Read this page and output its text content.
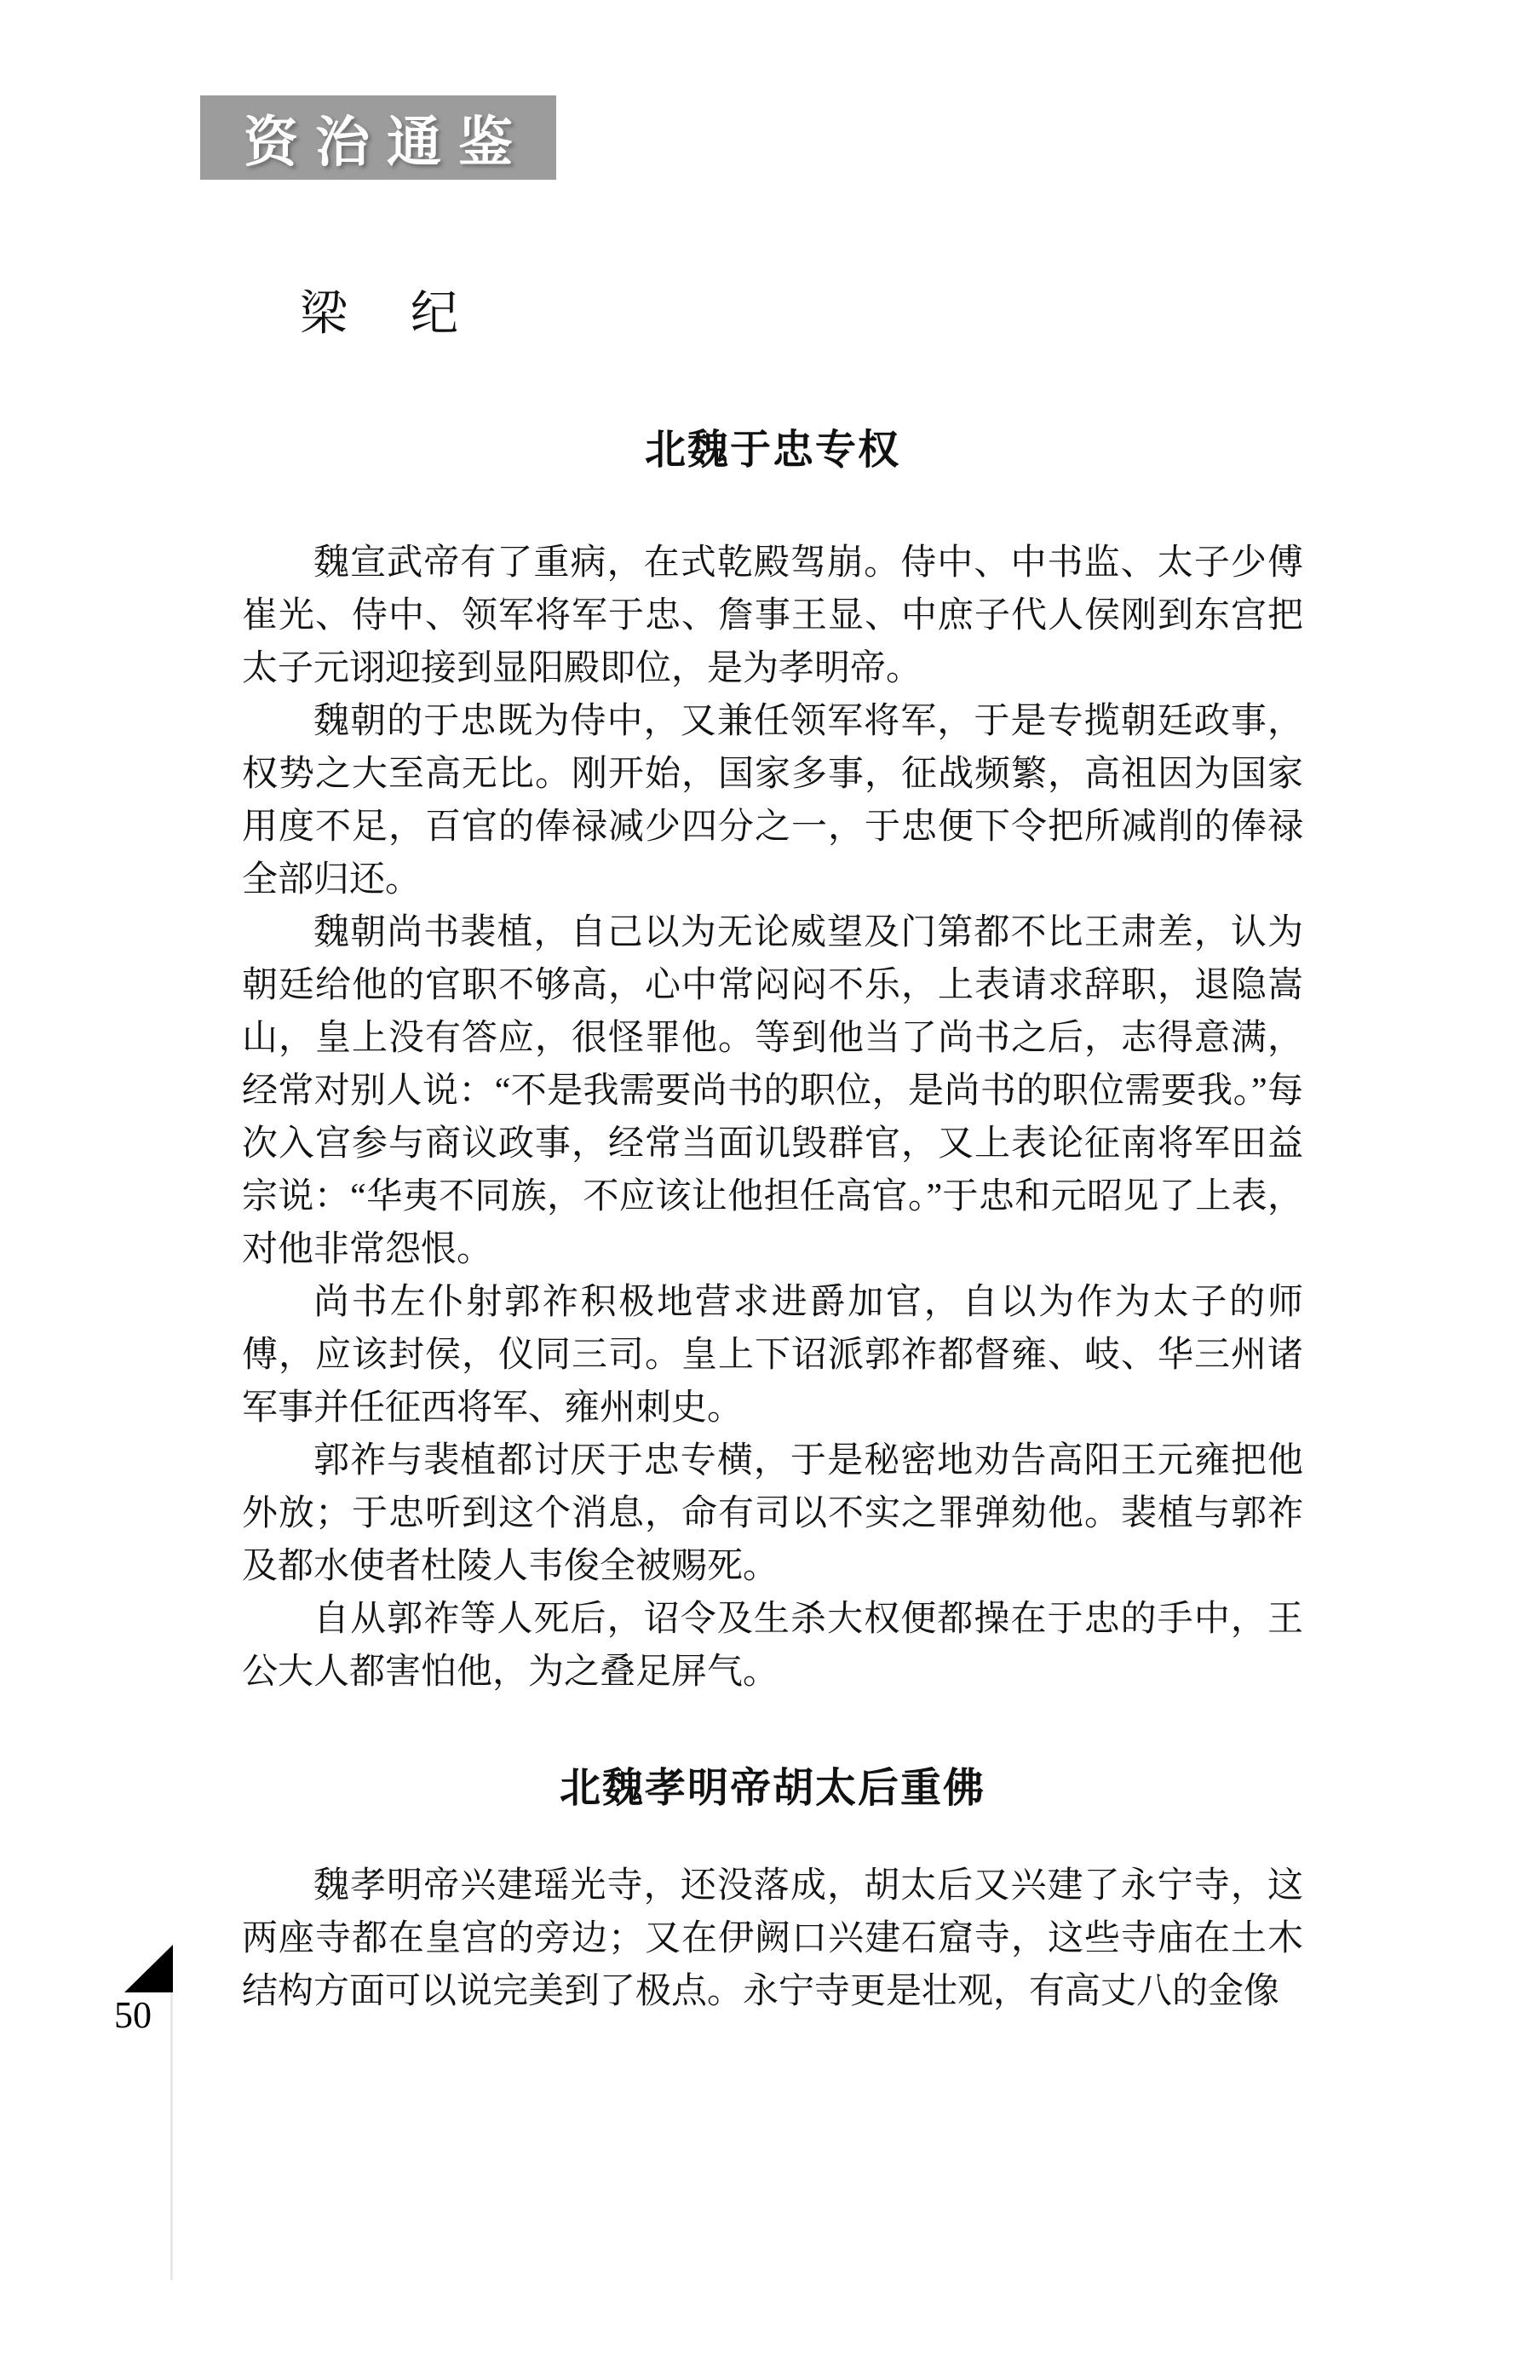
资治通鉴
梁 纪
北魏于忠专权

魏宣武帝有了重病，在式乾殿驾崩。侍中、中书监、太子少傅崔光、侍中、领军将军于忠、詹事王显、中庶子代人侯刚到东宫把太子元诩迎接到显阳殿即位，是为孝明帝。

魏朝的于忠既为侍中，又兼任领军将军，于是专揽朝廷政事，权势之大至高无比。刚开始，国家多事，征战频繁，高祖因为国家用度不足，百官的俸禄减少四分之一，于忠便下令把所减削的俸禄全部归还。

魏朝尚书裴植，自己以为无论威望及门第都不比王肃差，认为朝廷给他的官职不够高，心中常闷闷不乐，上表请求辞职，退隐嵩山，皇上没有答应，很怪罪他。等到他当了尚书之后，志得意满，经常对别人说：“不是我需要尚书的职位，是尚书的职位需要我。”每次入宫参与商议政事，经常当面讥毁群官，又上表论征南将军田益宗说：“华夷不同族，不应该让他担任高官。”于忠和元昭见了上表，对他非常怨恨。

尚书左仆射郭祚积极地营求进爵加官，自以为作为太子的师傅，应该封侯，仪同三司。皇上下诏派郭祚都督雍、岐、华三州诸军事并任征西将军、雍州刺史。

郭祚与裴植都讨厌于忠专横，于是秘密地劝告高阳王元雍把他外放；于忠听到这个消息，命有司以不实之罪弹劾他。裴植与郭祚及都水使者杜陵人韦俊全被赐死。

自从郭祚等人死后，诏令及生杀大权便都操在于忠的手中，王公大人都害怕他，为之叠足屏气。

北魏孝明帝胡太后重佛

魏孝明帝兴建瑶光寺，还没落成，胡太后又兴建了永宁寺，这两座寺都在皇宫的旁边；又在伊阙口兴建石窟寺，这些寺庙在土木结构方面可以说完美到了极点。永宁寺更是壮观，有高丈八的金像

50
